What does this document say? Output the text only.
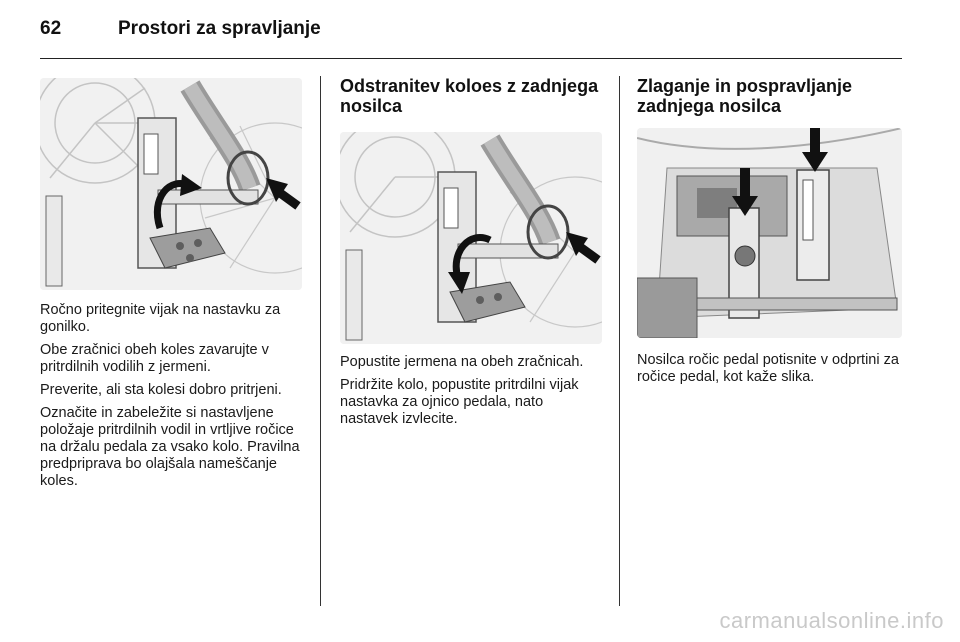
62	Prostori za spravljanje

Ročno pritegnite vijak na nastavku za gonilko.

Obe zračnici obeh koles zavarujte v pritrdilnih vodilih z jermeni.

Preverite, ali sta kolesi dobro pritrjeni.

Označite in zabeležite si nastavljene položaje pritrdilnih vodil in vrtljive ročice na držalu pedala za vsako kolo. Pravilna predpriprava bo olajšala nameščanje koles.

Odstranitev koloes z zadnjega nosilca

Popustite jermena na obeh zračnicah.

Pridržite kolo, popustite pritrdilni vijak nastavka za ojnico pedala, nato nastavek izvlecite.

Zlaganje in pospravljanje zadnjega nosilca

Nosilca ročic pedal potisnite v odprtini za ročice pedal, kot kaže slika.

carmanualsonline.info
